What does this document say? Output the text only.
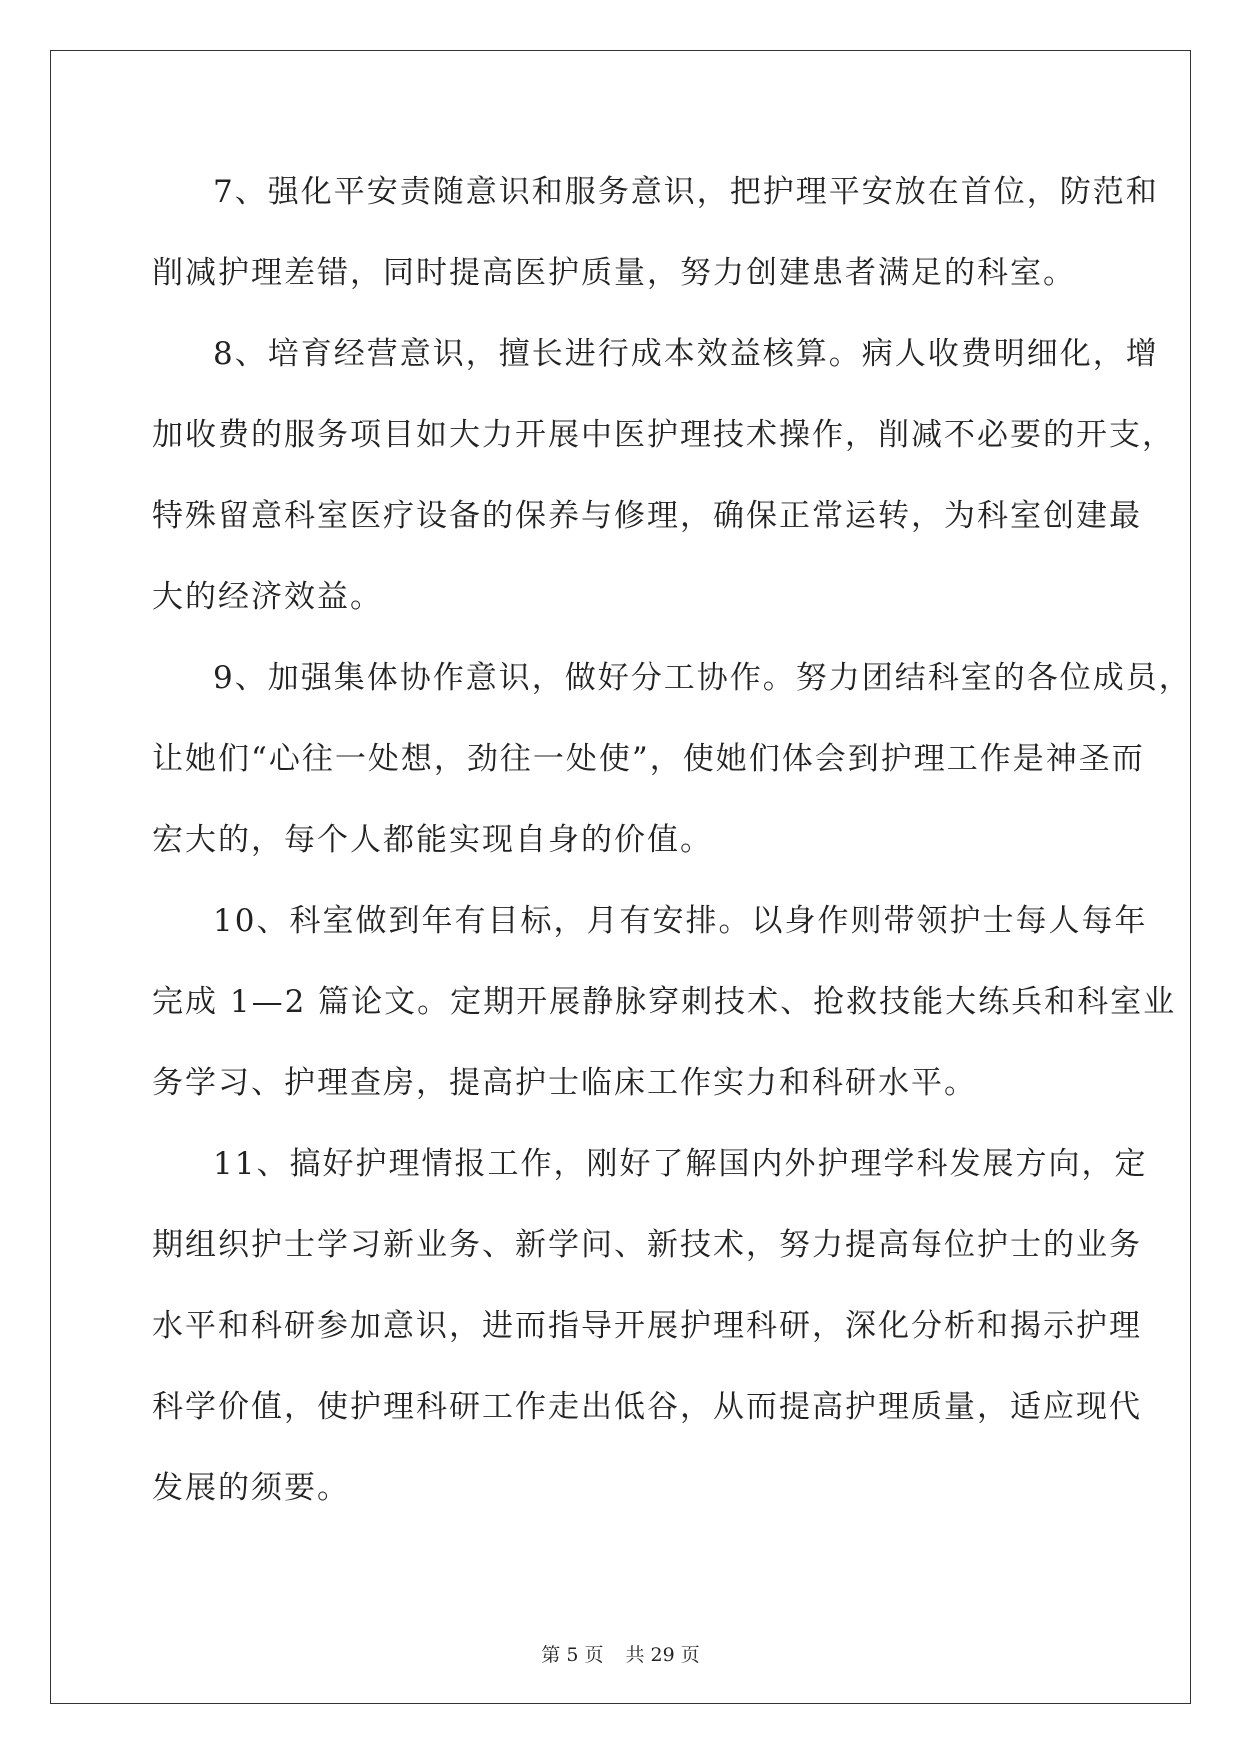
7、强化平安责随意识和服务意识，把护理平安放在首位，防范和
削减护理差错，同时提高医护质量，努力创建患者满足的科室。
8、培育经营意识，擅长进行成本效益核算。病人收费明细化，增
加收费的服务项目如大力开展中医护理技术操作，削减不必要的开支，
特殊留意科室医疗设备的保养与修理，确保正常运转，为科室创建最
大的经济效益。
9、加强集体协作意识，做好分工协作。努力团结科室的各位成员，
让她们“心往一处想，劲往一处使”，使她们体会到护理工作是神圣而
宏大的，每个人都能实现自身的价值。
10、科室做到年有目标，月有安排。以身作则带领护士每人每年
完成 1—2 篇论文。定期开展静脉穿刺技术、抢救技能大练兵和科室业
务学习、护理查房，提高护士临床工作实力和科研水平。
11、搞好护理情报工作，刚好了解国内外护理学科发展方向，定
期组织护士学习新业务、新学问、新技术，努力提高每位护士的业务
水平和科研参加意识，进而指导开展护理科研，深化分析和揭示护理
科学价值，使护理科研工作走出低谷，从而提高护理质量，适应现代
发展的须要。
第 5 页 共 29 页
